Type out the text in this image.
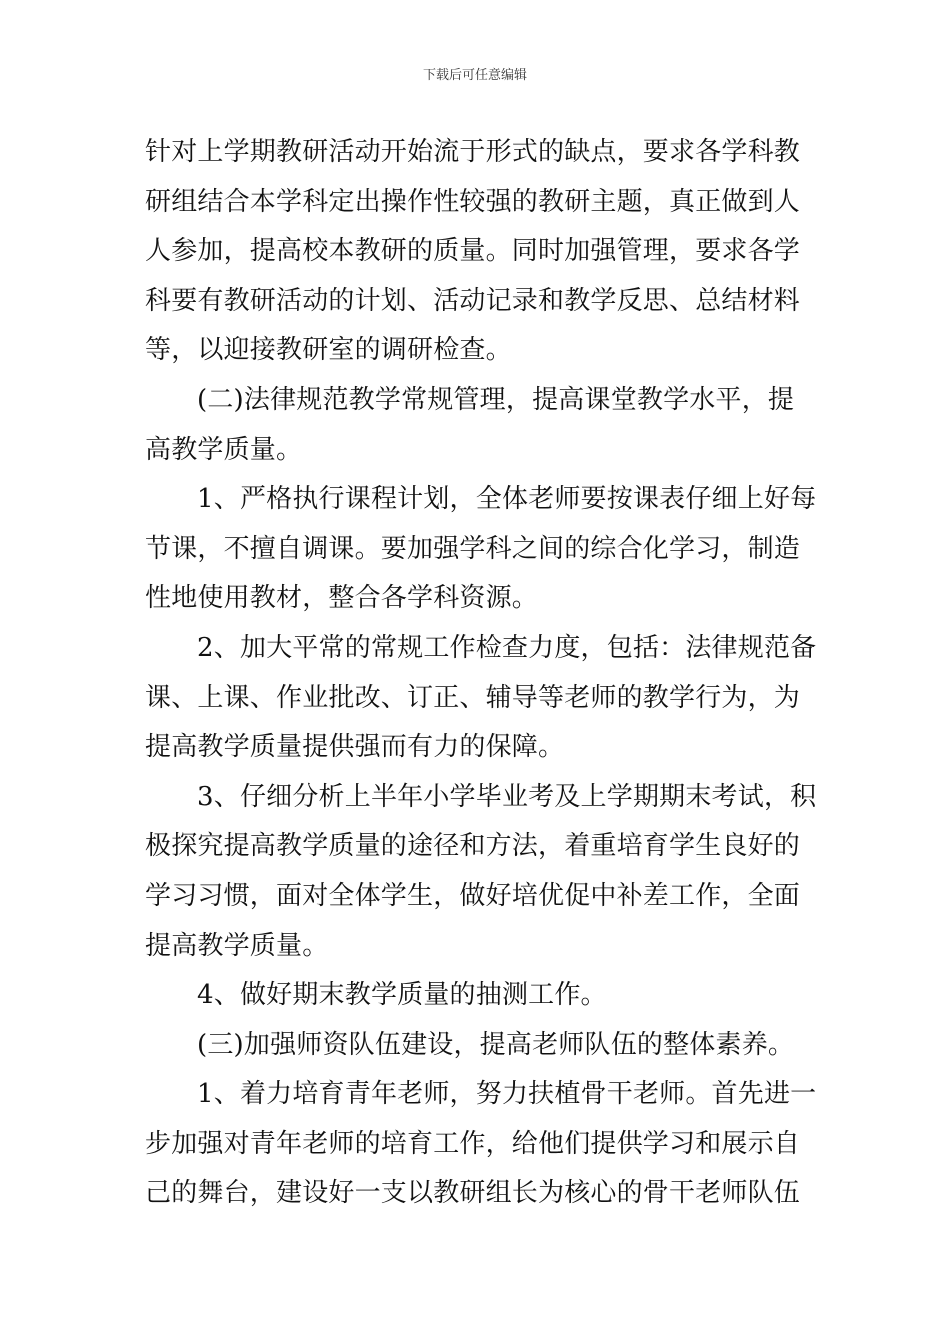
下载后可任意编辑
针对上学期教研活动开始流于形式的缺点，要求各学科教
研组结合本学科定出操作性较强的教研主题，真正做到人
人参加，提高校本教研的质量。同时加强管理，要求各学
科要有教研活动的计划、活动记录和教学反思、总结材料
等，以迎接教研室的调研检查。
(二)法律规范教学常规管理，提高课堂教学水平，提
高教学质量。
1、严格执行课程计划，全体老师要按课表仔细上好每
节课，不擅自调课。要加强学科之间的综合化学习，制造
性地使用教材，整合各学科资源。
2、加大平常的常规工作检查力度，包括：法律规范备
课、上课、作业批改、订正、辅导等老师的教学行为，为
提高教学质量提供强而有力的保障。
3、仔细分析上半年小学毕业考及上学期期末考试，积
极探究提高教学质量的途径和方法，着重培育学生良好的
学习习惯，面对全体学生，做好培优促中补差工作，全面
提高教学质量。
4、做好期末教学质量的抽测工作。
(三)加强师资队伍建设，提高老师队伍的整体素养。
1、着力培育青年老师，努力扶植骨干老师。首先进一
步加强对青年老师的培育工作，给他们提供学习和展示自
己的舞台，建设好一支以教研组长为核心的骨干老师队伍
